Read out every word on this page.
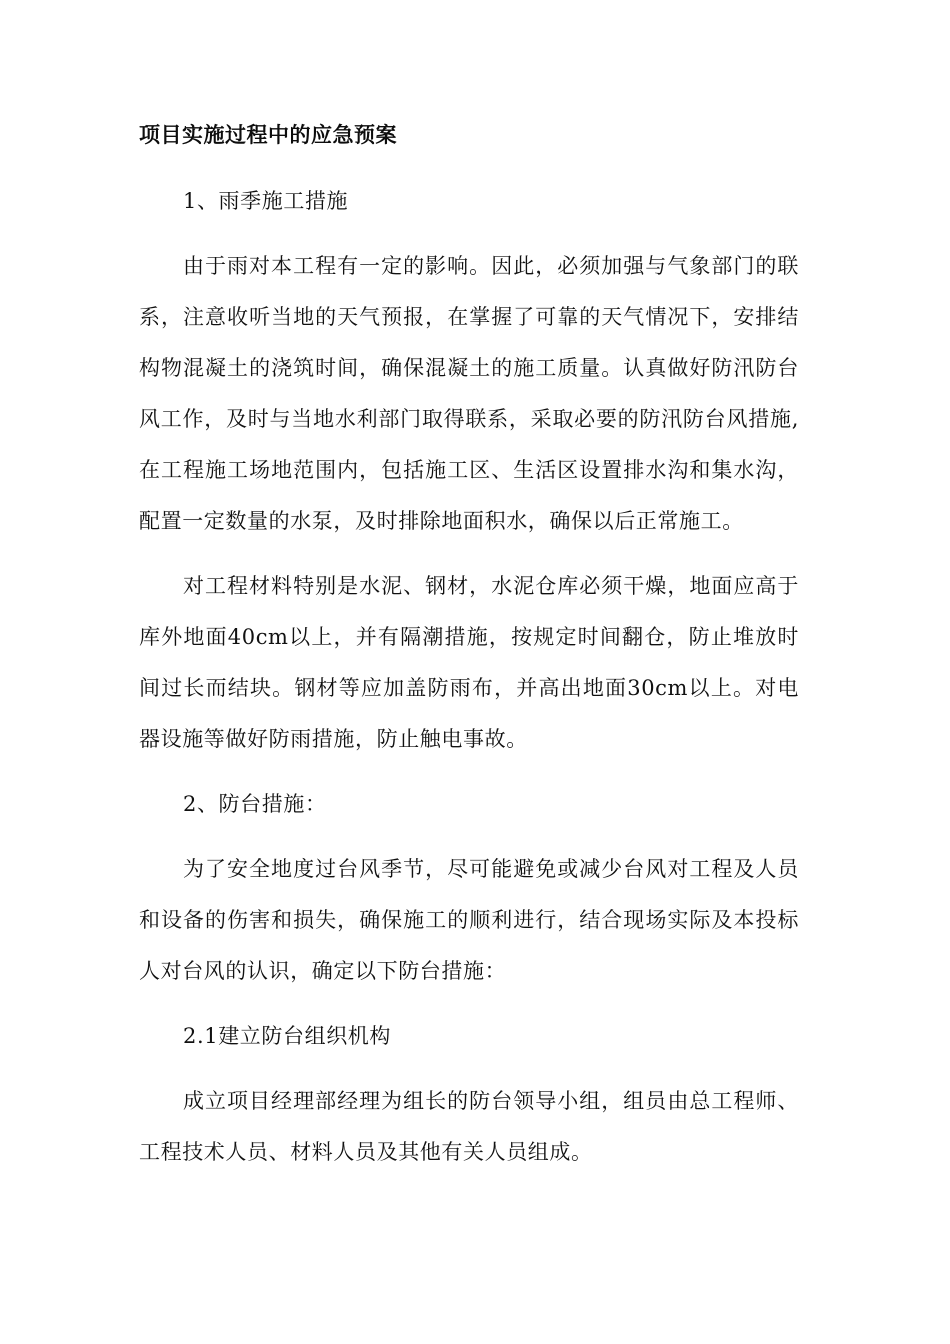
项目实施过程中的应急预案

1、雨季施工措施

由于雨对本工程有一定的影响。因此，必须加强与气象部门的联系，注意收听当地的天气预报，在掌握了可靠的天气情况下，安排结构物混凝土的浇筑时间，确保混凝土的施工质量。认真做好防汛防台风工作，及时与当地水利部门取得联系，采取必要的防汛防台风措施,在工程施工场地范围内，包括施工区、生活区设置排水沟和集水沟，配置一定数量的水泵，及时排除地面积水，确保以后正常施工。

对工程材料特别是水泥、钢材，水泥仓库必须干燥，地面应高于库外地面40cm以上，并有隔潮措施，按规定时间翻仓，防止堆放时间过长而结块。钢材等应加盖防雨布，并高出地面30cm以上。对电器设施等做好防雨措施，防止触电事故。

2、防台措施：

为了安全地度过台风季节，尽可能避免或减少台风对工程及人员和设备的伤害和损失，确保施工的顺利进行，结合现场实际及本投标人对台风的认识，确定以下防台措施：

2.1建立防台组织机构

成立项目经理部经理为组长的防台领导小组，组员由总工程师、工程技术人员、材料人员及其他有关人员组成。
